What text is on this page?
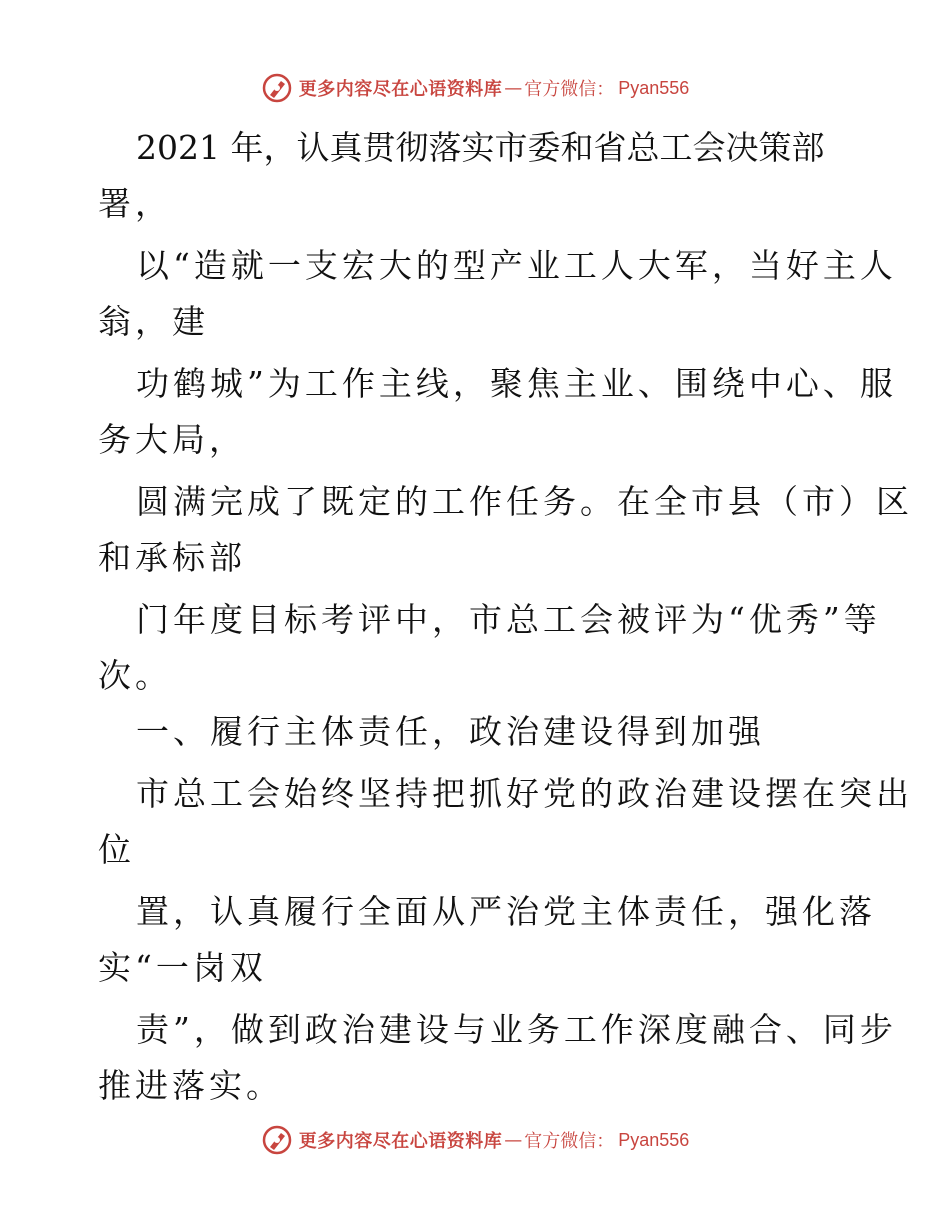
更多内容尽在心语资料库 — 官方微信： Pyan556
2021 年，认真贯彻落实市委和省总工会决策部
署，
以“造就一支宏大的型产业工人大军，当好主人
翁，建
功鹤城”为工作主线，聚焦主业、围绕中心、服
务大局，
圆满完成了既定的工作任务。在全市县（市）区
和承标部
门年度目标考评中，市总工会被评为“优秀”等
次。
一、履行主体责任，政治建设得到加强
市总工会始终坚持把抓好党的政治建设摆在突出
位
置，认真履行全面从严治党主体责任，强化落
实“一岗双
责”，做到政治建设与业务工作深度融合、同步
推进落实。
更多内容尽在心语资料库 — 官方微信： Pyan556
